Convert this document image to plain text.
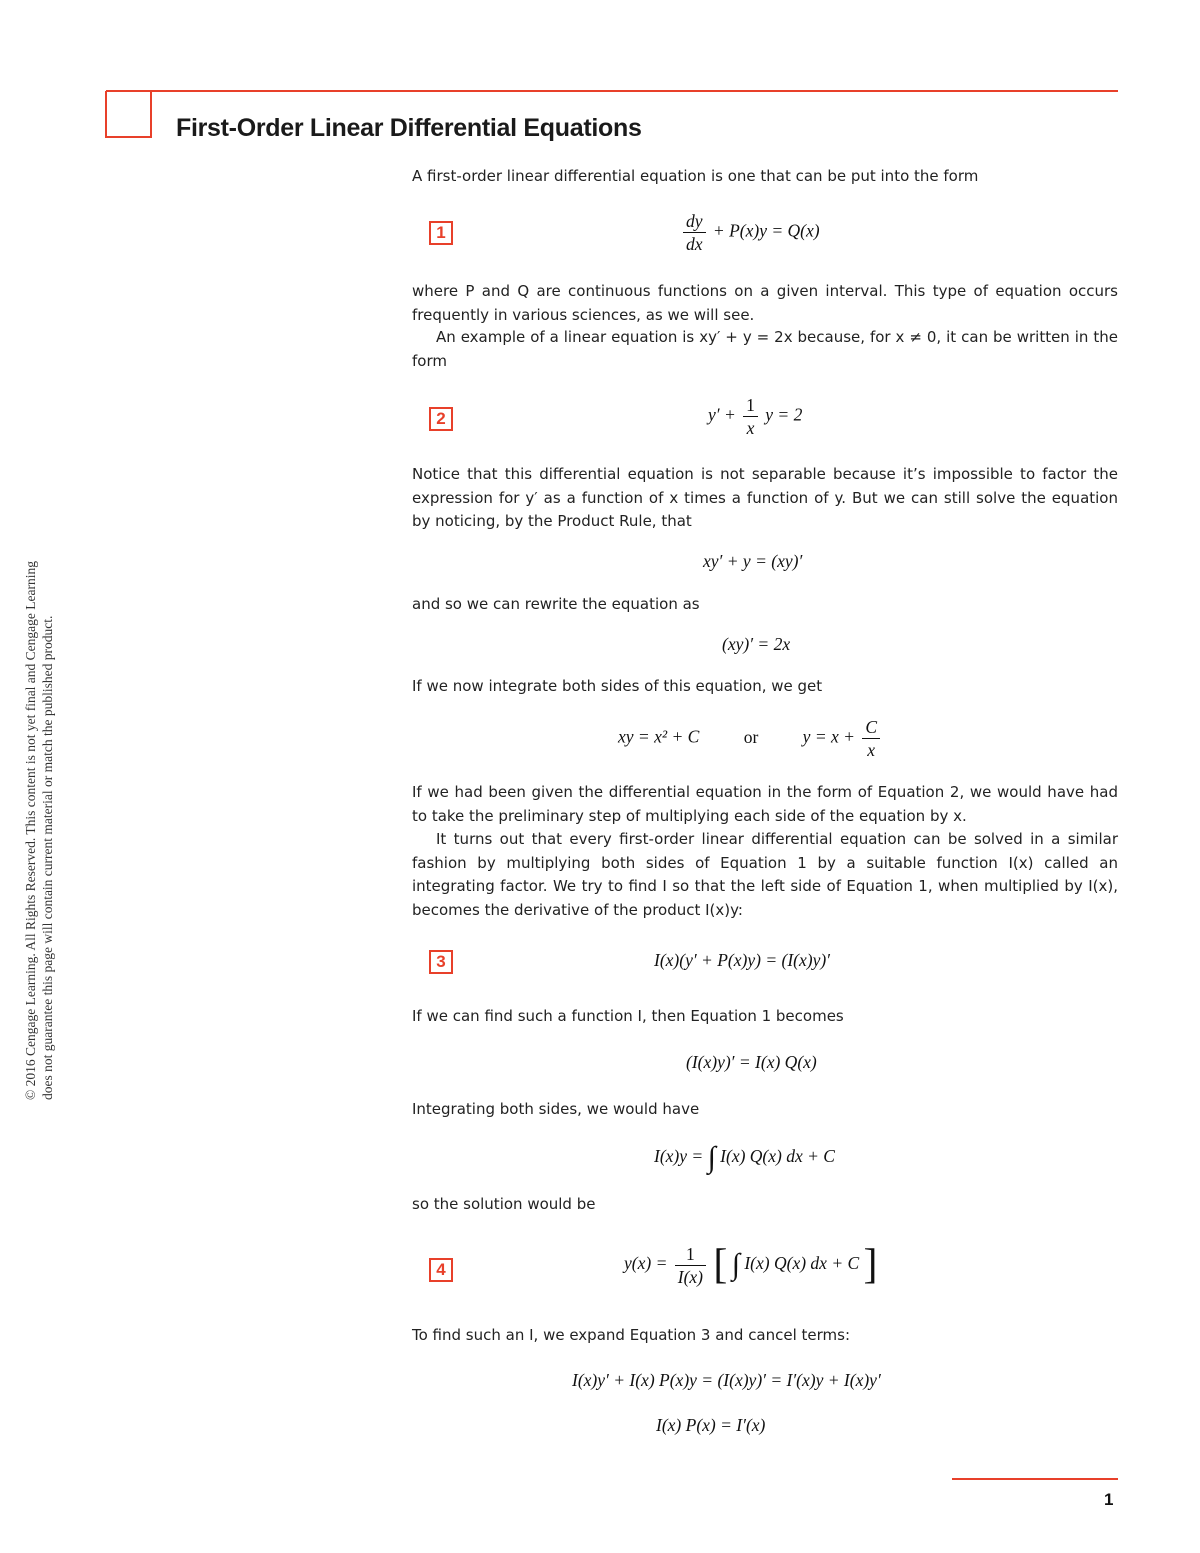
First-Order Linear Differential Equations
© 2016 Cengage Learning. All Rights Reserved. This content is not yet final and Cengage Learning does not guarantee this page will contain current material or match the published product.
A first-order linear differential equation is one that can be put into the form
1	$\frac{dy}{dx} + P(x)y = Q(x)$
where P and Q are continuous functions on a given interval. This type of equation occurs frequently in various sciences, as we will see.
An example of a linear equation is xy′ + y = 2x because, for x ≠ 0, it can be written in the form
2	$y' + \frac{1}{x}$ y = 2
Notice that this differential equation is not separable because it’s impossible to factor the expression for y′ as a function of x times a function of y. But we can still solve the equation by noticing, by the Product Rule, that
xy′ + y = (xy)′
and so we can rewrite the equation as
(xy)′ = 2x
If we now integrate both sides of this equation, we get
xy = x² + C	or	$y = x + \frac{C}{x}$
If we had been given the differential equation in the form of Equation 2, we would have had to take the preliminary step of multiplying each side of the equation by x.
It turns out that every first-order linear differential equation can be solved in a similar fashion by multiplying both sides of Equation 1 by a suitable function I(x) called an integrating factor. We try to find I so that the left side of Equation 1, when multiplied by I(x), becomes the derivative of the product I(x)y:
3	I(x)(y′ + P(x)y) = (I(x)y)′
If we can find such a function I, then Equation 1 becomes
(I(x)y)′ = I(x) Q(x)
Integrating both sides, we would have
I(x)y = ∫ I(x) Q(x) dx + C
so the solution would be
4	$y(x) = \frac{1}{I(x)}$ [ ∫ I(x) Q(x) dx + C ]
To find such an I, we expand Equation 3 and cancel terms:
I(x)y′ + I(x) P(x)y = (I(x)y)′ = I′(x)y + I(x)y′
I(x) P(x) = I′(x)
1
